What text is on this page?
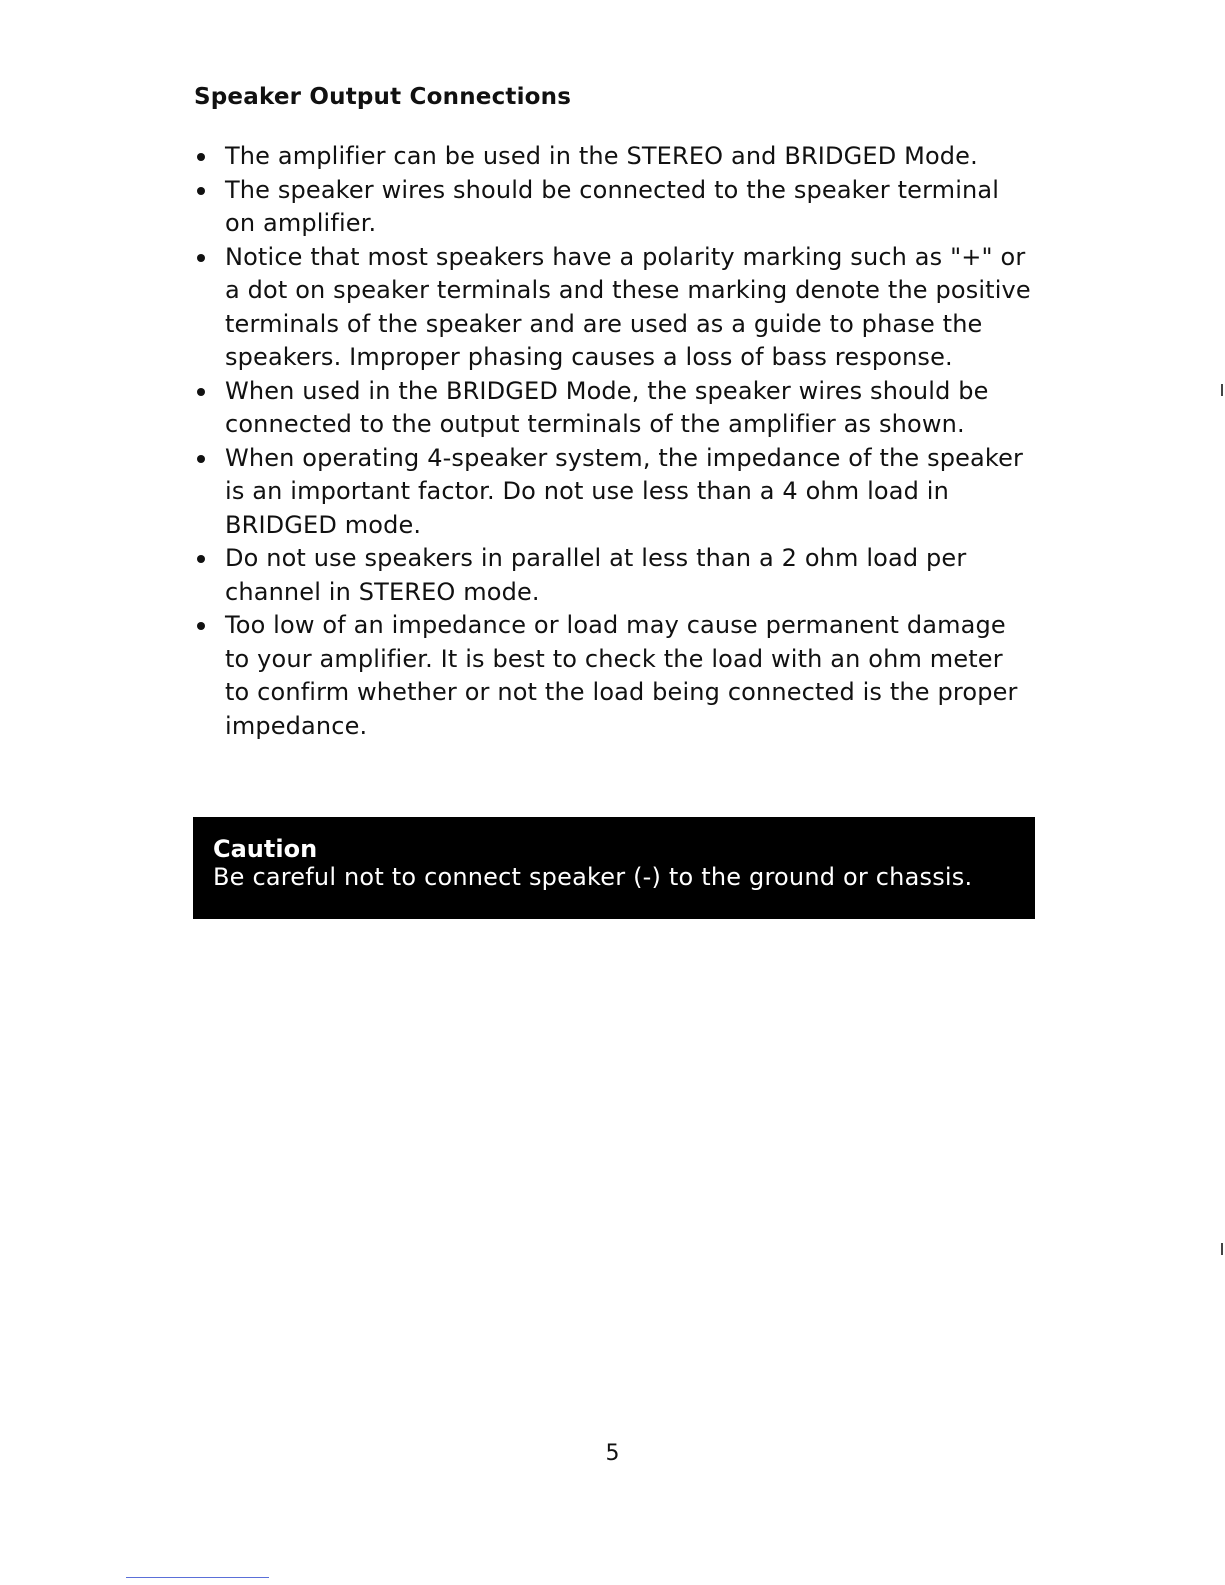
Speaker Output Connections
The amplifier can be used in the STEREO and BRIDGED Mode.
The speaker wires should be connected to the speaker terminal on amplifier.
Notice that most speakers have a polarity marking such as "+" or a dot on speaker terminals and these marking denote the positive terminals of the speaker and are used as a guide to phase the speakers. Improper phasing causes a loss of bass response.
When used in the BRIDGED Mode, the speaker wires should be connected to the output terminals of the amplifier as shown.
When operating 4-speaker system, the impedance of the speaker is an important factor. Do not use less than a 4 ohm load in BRIDGED mode.
Do not use speakers in parallel at less than a 2 ohm load per channel in STEREO mode.
Too low of an impedance or load may cause permanent damage to your amplifier. It is best to check the load with an ohm meter to confirm whether or not the load being connected is the proper impedance.
Caution
Be careful not to connect speaker (-) to the ground or chassis.
5
